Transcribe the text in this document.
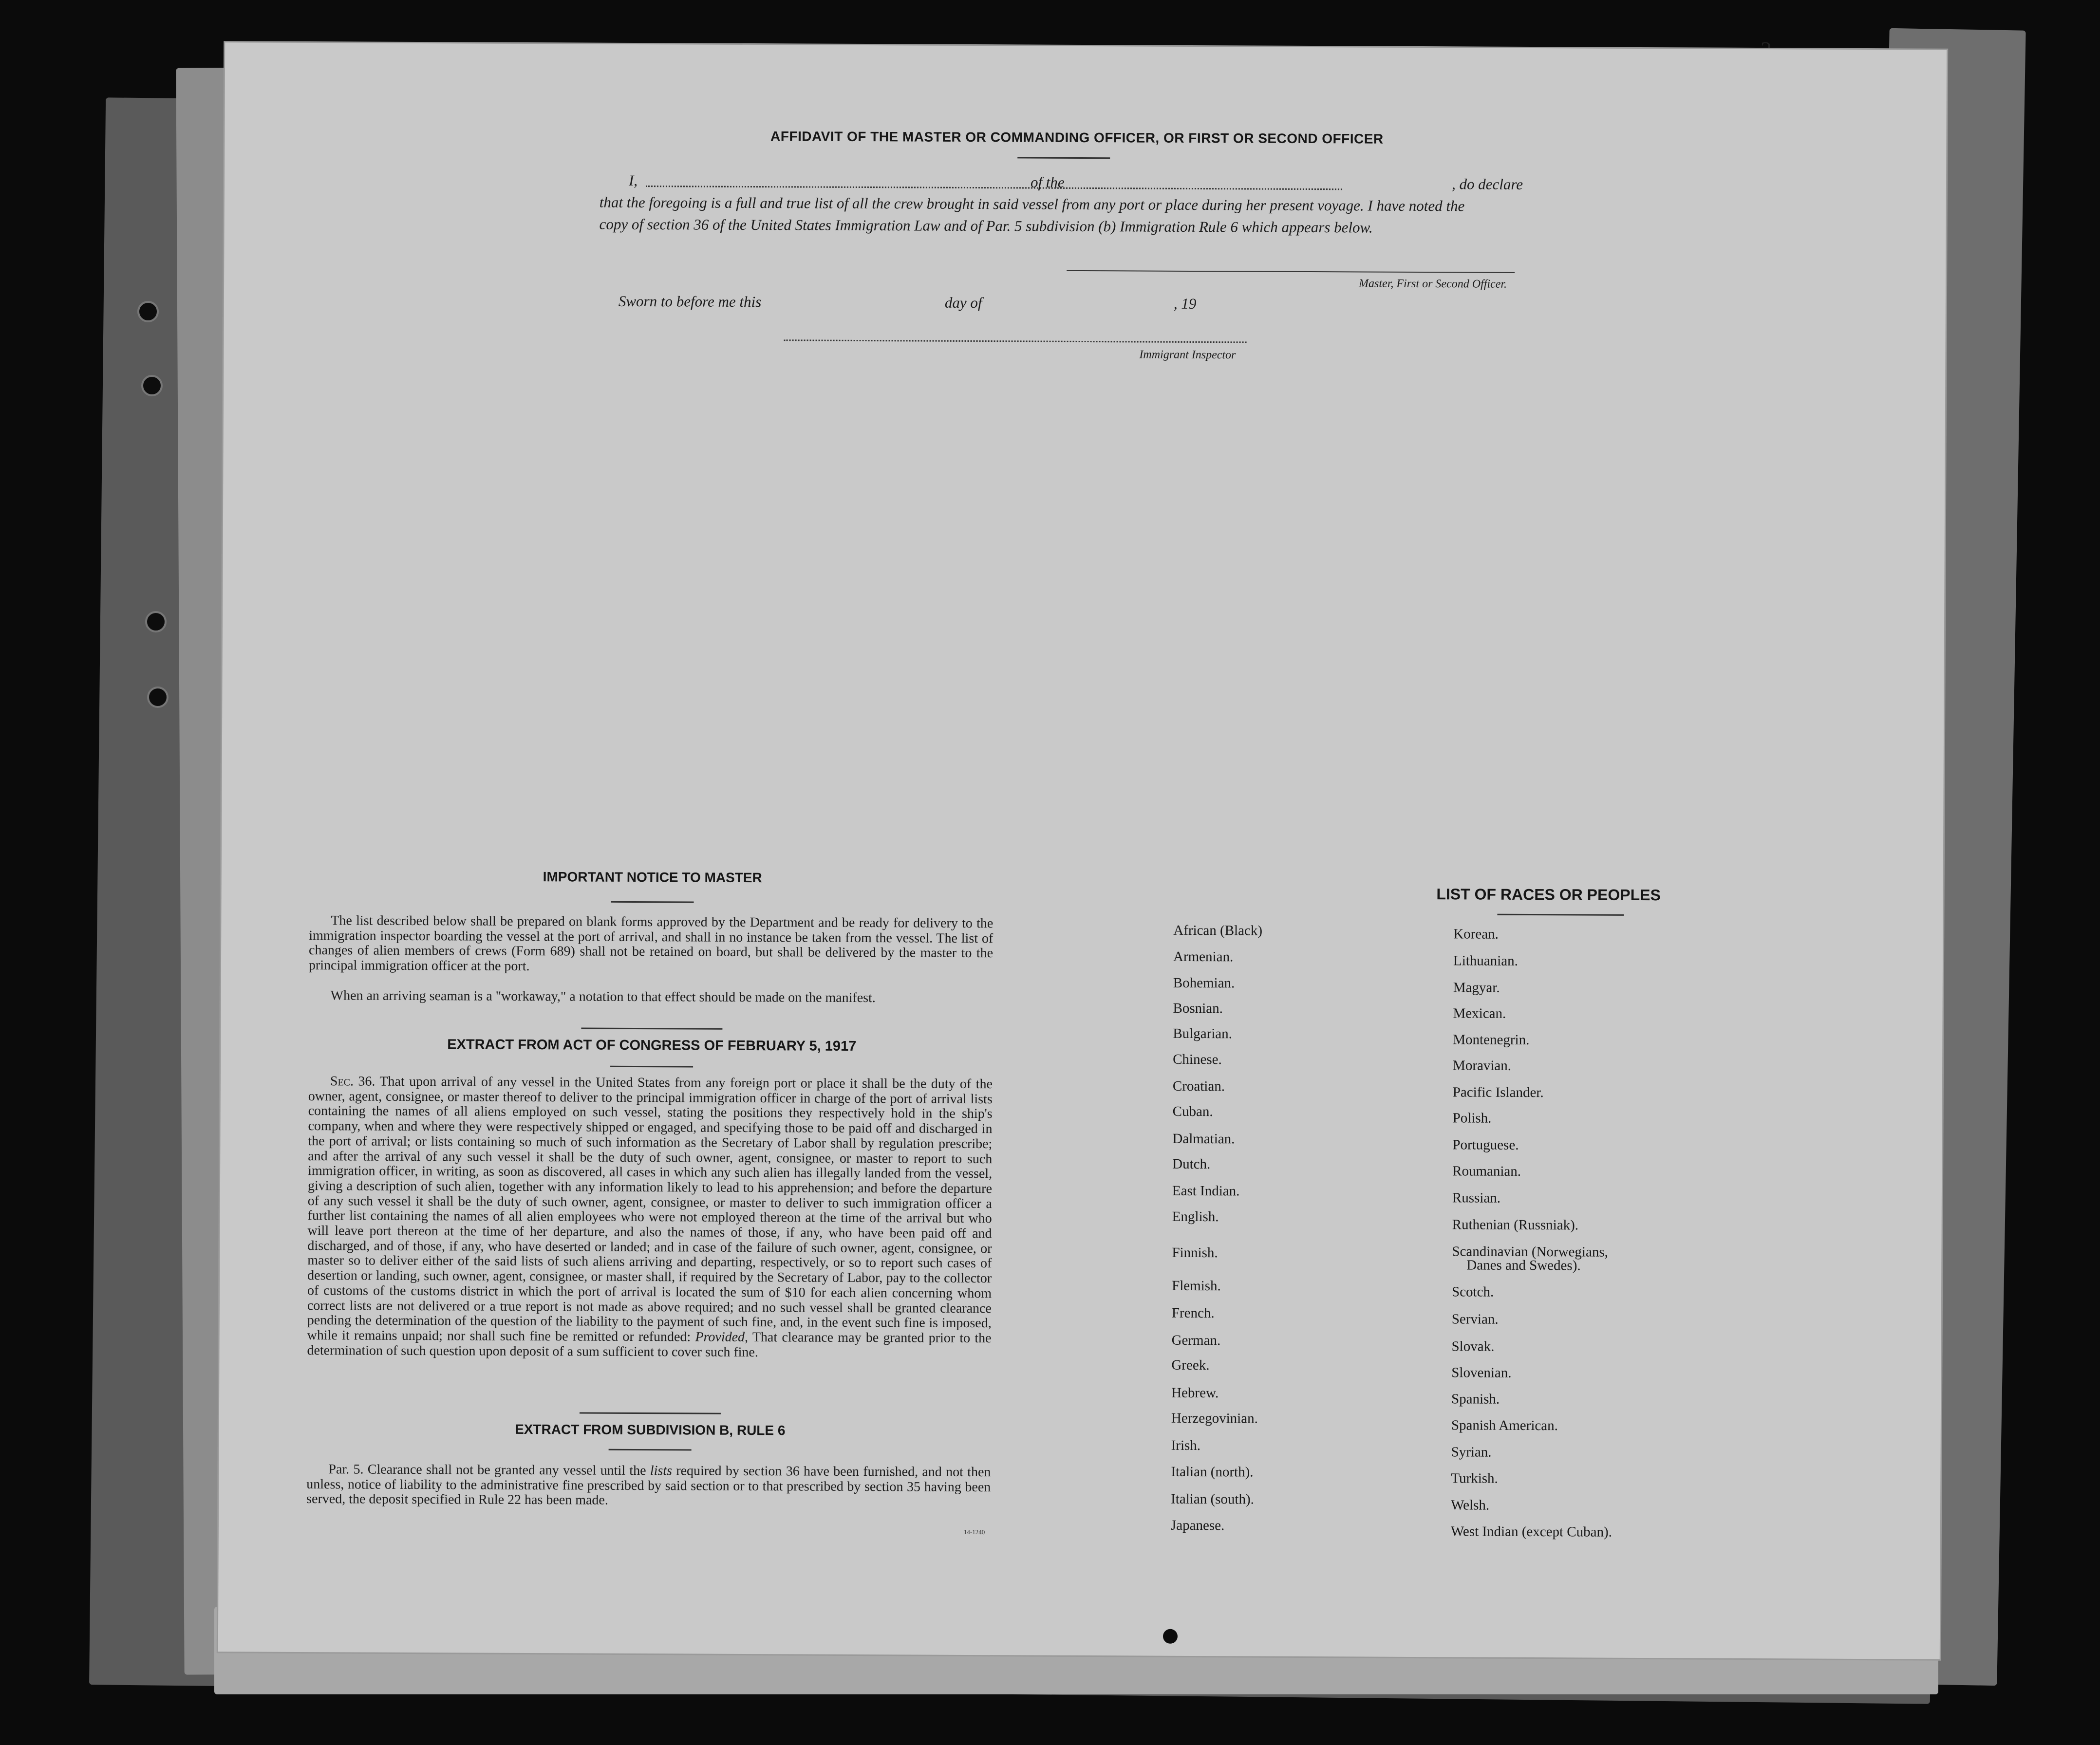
AFFIDAVIT OF THE MASTER OR COMMANDING OFFICER, OR FIRST OR SECOND OFFICER
I,	of the	, do declare
that the foregoing is a full and true list of all the crew brought in said vessel from any port or place during her present voyage. I have noted the
copy of section 36 of the United States Immigration Law and of Par. 5 subdivision (b) Immigration Rule 6 which appears below.
Master, First or Second Officer.
Sworn to before me this	day of	, 19
Immigrant Inspector
IMPORTANT NOTICE TO MASTER
The list described below shall be prepared on blank forms approved by the Department and be ready for delivery to the immigration inspector boarding the vessel at the port of arrival, and shall in no instance be taken from the vessel. The list of changes of alien members of crews (Form 689) shall not be retained on board, but shall be delivered by the master to the principal immigration officer at the port.
When an arriving seaman is a "workaway," a notation to that effect should be made on the manifest.
EXTRACT FROM ACT OF CONGRESS OF FEBRUARY 5, 1917
Sec. 36. That upon arrival of any vessel in the United States from any foreign port or place it shall be the duty of the owner, agent, consignee, or master thereof to deliver to the principal immigration officer in charge of the port of arrival lists containing the names of all aliens employed on such vessel, stating the positions they respectively hold in the ship's company, when and where they were respectively shipped or engaged, and specifying those to be paid off and discharged in the port of arrival; or lists containing so much of such information as the Secretary of Labor shall by regulation prescribe; and after the arrival of any such vessel it shall be the duty of such owner, agent, consignee, or master to report to such immigration officer, in writing, as soon as discovered, all cases in which any such alien has illegally landed from the vessel, giving a description of such alien, together with any information likely to lead to his apprehension; and before the departure of any such vessel it shall be the duty of such owner, agent, consignee, or master to deliver to such immigration officer a further list containing the names of all alien employees who were not employed thereon at the time of the arrival but who will leave port thereon at the time of her departure, and also the names of those, if any, who have been paid off and discharged, and of those, if any, who have deserted or landed; and in case of the failure of such owner, agent, consignee, or master so to deliver either of the said lists of such aliens arriving and departing, respectively, or so to report such cases of desertion or landing, such owner, agent, consignee, or master shall, if required by the Secretary of Labor, pay to the collector of customs of the customs district in which the port of arrival is located the sum of $10 for each alien concerning whom correct lists are not delivered or a true report is not made as above required; and no such vessel shall be granted clearance pending the determination of the question of the liability to the payment of such fine, and, in the event such fine is imposed, while it remains unpaid; nor shall such fine be remitted or refunded: Provided, That clearance may be granted prior to the determination of such question upon deposit of a sum sufficient to cover such fine.
EXTRACT FROM SUBDIVISION B, RULE 6
Par. 5. Clearance shall not be granted any vessel until the lists required by section 36 have been furnished, and not then unless, notice of liability to the administrative fine prescribed by said section or to that prescribed by section 35 having been served, the deposit specified in Rule 22 has been made.
14-1240
LIST OF RACES OR PEOPLES
African (Black)
Armenian.
Bohemian.
Bosnian.
Bulgarian.
Chinese.
Croatian.
Cuban.
Dalmatian.
Dutch.
East Indian.
English.
Finnish.
Flemish.
French.
German.
Greek.
Hebrew.
Herzegovinian.
Irish.
Italian (north).
Italian (south).
Japanese.
Korean.
Lithuanian.
Magyar.
Mexican.
Montenegrin.
Moravian.
Pacific Islander.
Polish.
Portuguese.
Roumanian.
Russian.
Ruthenian (Russniak).
Scandinavian (Norwegians,
Danes and Swedes).
Scotch.
Servian.
Slovak.
Slovenian.
Spanish.
Spanish American.
Syrian.
Turkish.
Welsh.
West Indian (except Cuban).
